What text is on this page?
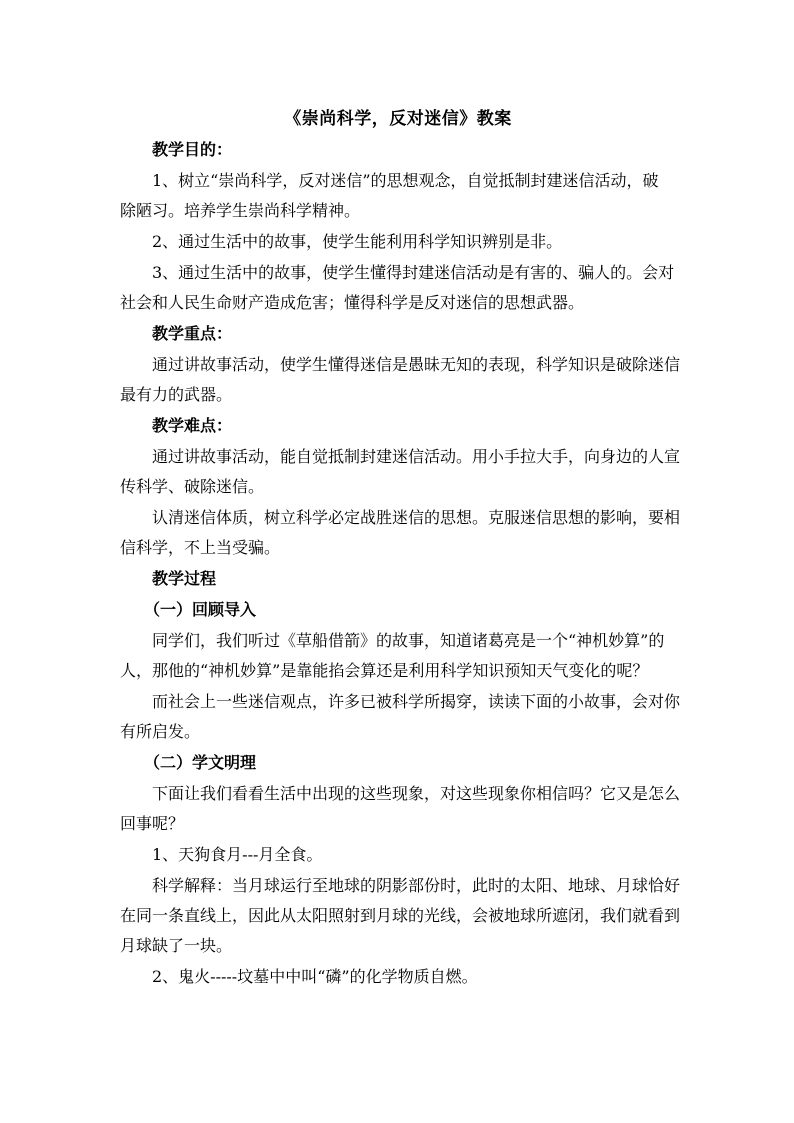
《崇尚科学，反对迷信》教案
教学目的：
1、树立“崇尚科学，反对迷信”的思想观念，自觉抵制封建迷信活动，破
除陋习。培养学生崇尚科学精神。
2、通过生活中的故事，使学生能利用科学知识辨别是非。
3、通过生活中的故事，使学生懂得封建迷信活动是有害的、骗人的。会对
社会和人民生命财产造成危害；懂得科学是反对迷信的思想武器。
教学重点：
通过讲故事活动，使学生懂得迷信是愚昧无知的表现，科学知识是破除迷信
最有力的武器。
教学难点：
通过讲故事活动，能自觉抵制封建迷信活动。用小手拉大手，向身边的人宣
传科学、破除迷信。
认清迷信体质，树立科学必定战胜迷信的思想。克服迷信思想的影响，要相
信科学，不上当受骗。
教学过程
（一）回顾导入
同学们，我们听过《草船借箭》的故事，知道诸葛亮是一个“神机妙算”的
人，那他的“神机妙算”是靠能掐会算还是利用科学知识预知天气变化的呢？
而社会上一些迷信观点，许多已被科学所揭穿，读读下面的小故事，会对你
有所启发。
（二）学文明理
下面让我们看看生活中出现的这些现象，对这些现象你相信吗？它又是怎么
回事呢？
1、天狗食月---月全食。
科学解释：当月球运行至地球的阴影部份时，此时的太阳、地球、月球恰好
在同一条直线上，因此从太阳照射到月球的光线，会被地球所遮闭，我们就看到
月球缺了一块。
2、鬼火-----坟墓中中叫“磷”的化学物质自燃。
